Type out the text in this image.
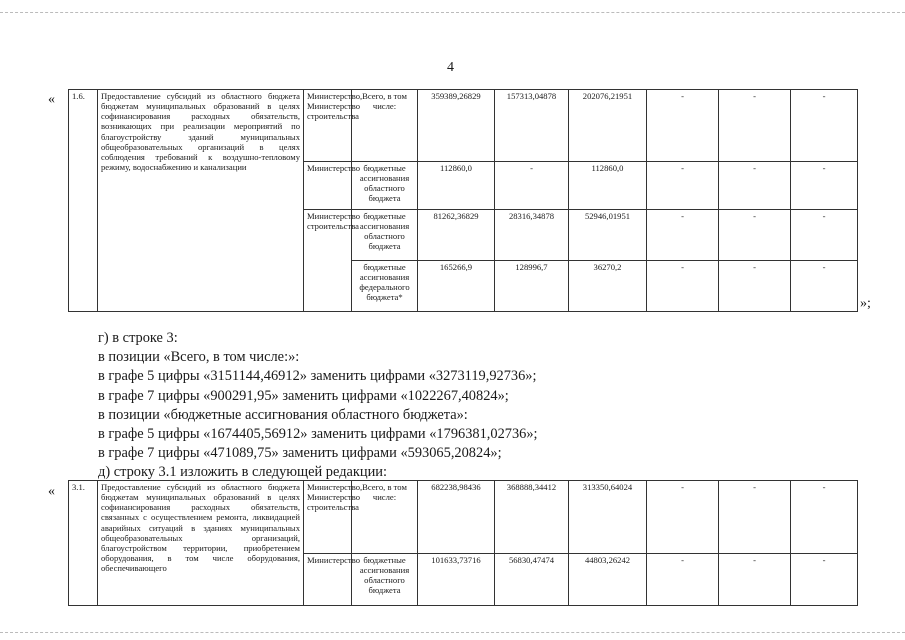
4
«
»;
1.6.	Предоставление субсидий из областного бюджета бюджетам муниципальных образований в целях софинансирования расходных обязательств, возникающих при реализации мероприятий по благоустройству зданий муниципальных общеобразовательных организаций в целях соблюдения требований к воздушно-тепловому режиму, водоснабжению и канализации	Министерство, Министерство строительства	Всего, в том числе:	359389,26829	157313,04878	202076,21951	-	-	-
		Министерство	бюджетные ассигнования областного бюджета	112860,0	-	112860,0	-	-	-
		Министерство строительства	бюджетные ассигнования областного бюджета	81262,36829	28316,34878	52946,01951	-	-	-
			бюджетные ассигнования федерального бюджета*	165266,9	128996,7	36270,2	-	-	-
г) в строке 3:
в позиции «Всего, в том числе:»:
в графе 5 цифры «3151144,46912» заменить цифрами «3273119,92736»;
в графе 7 цифры «900291,95» заменить цифрами «1022267,40824»;
в позиции «бюджетные ассигнования областного бюджета»:
в графе 5 цифры «1674405,56912» заменить цифрами «1796381,02736»;
в графе 7 цифры «471089,75» заменить цифрами «593065,20824»;
д) строку 3.1 изложить в следующей редакции:
« 3.1.	Предоставление субсидий из областного бюджета бюджетам муниципальных образований в целях софинансирования расходных обязательств, связанных с осуществлением ремонта, ликвидацией аварийных ситуаций в зданиях муниципальных общеобразовательных организаций, благоустройством территории, приобретением оборудования, в том числе оборудования, обеспечивающего	Министерство, Министерство строительства	Всего, в том числе:	682238,98436	368888,34412	313350,64024	-	-	-
		Министерство	бюджетные ассигнования областного бюджета	101633,73716	56830,47474	44803,26242	-	-	-
